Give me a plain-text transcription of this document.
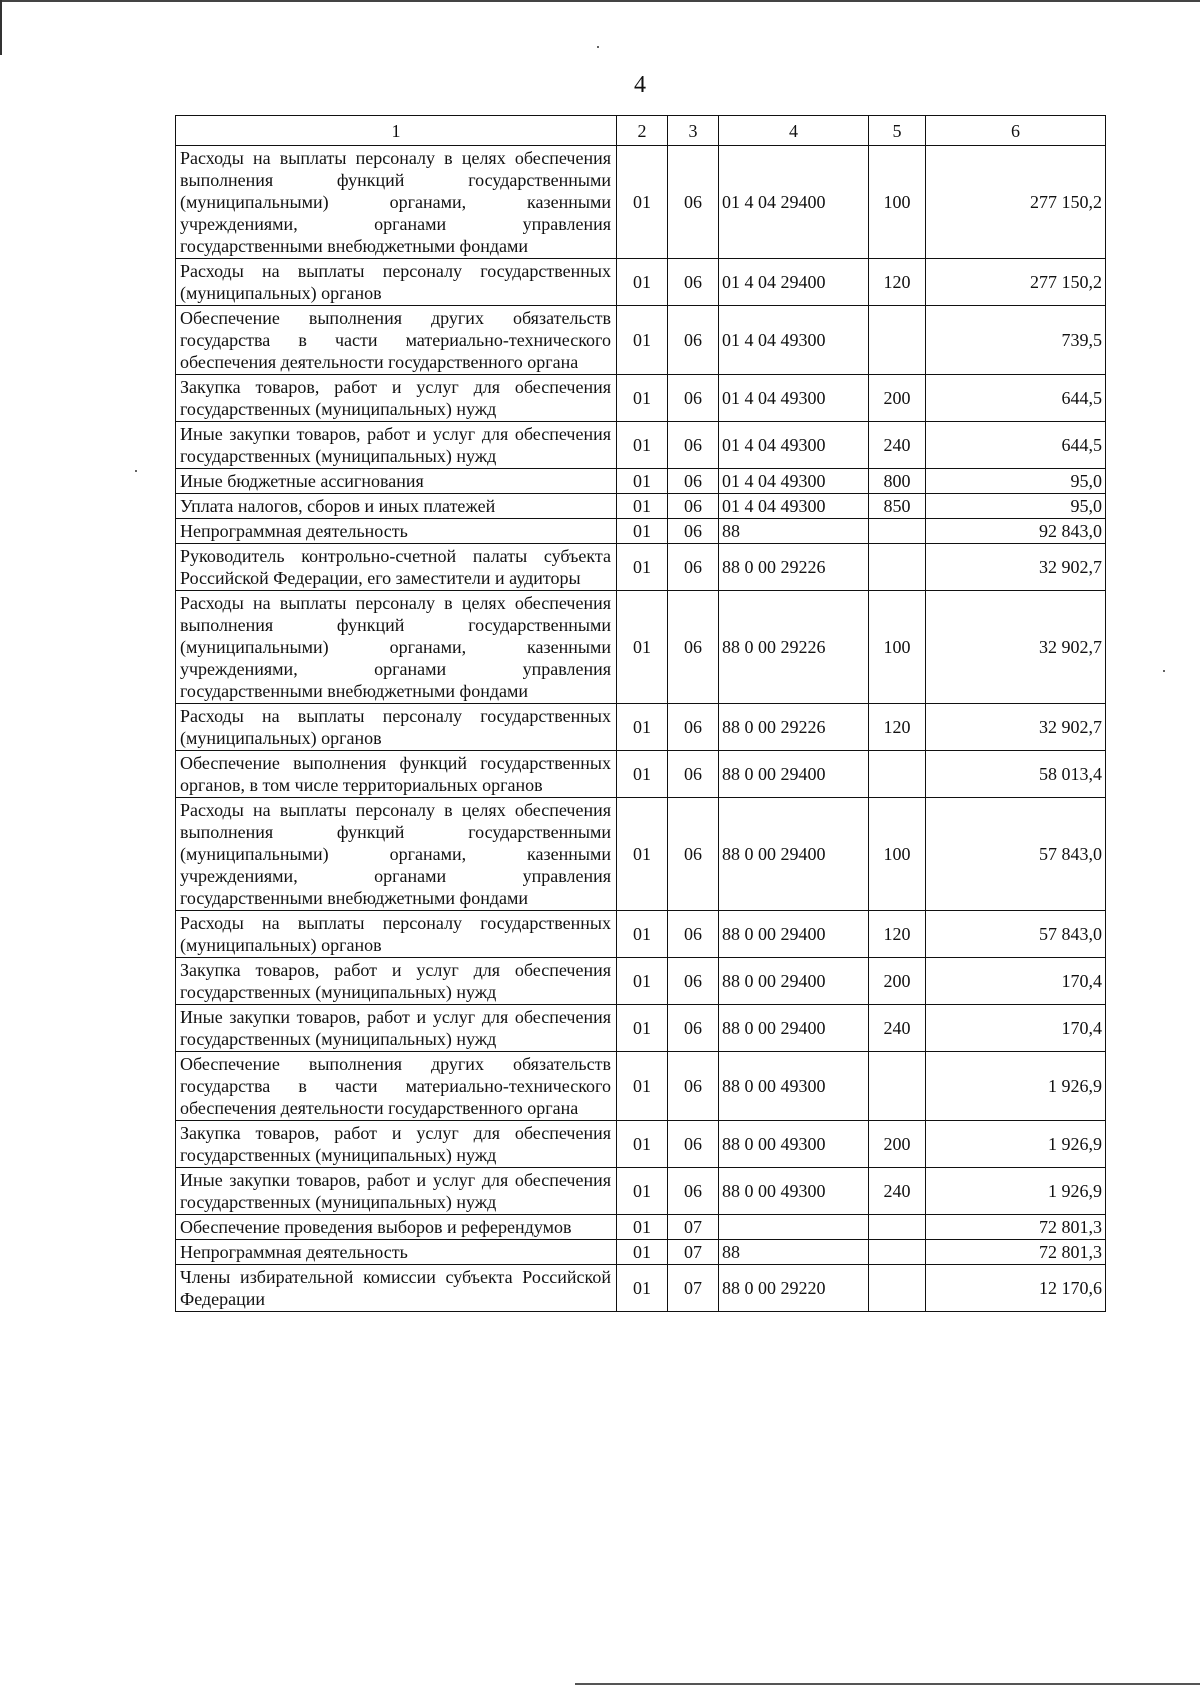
4
1	2	3	4	5	6
Расходы на выплаты персоналу в целях обеспечения выполнения функций государственными (муниципальными) органами, казенными учреждениями, органами управления государственными внебюджетными фондами	01	06	01 4 04 29400	100	277 150,2
Расходы на выплаты персоналу государственных (муниципальных) органов	01	06	01 4 04 29400	120	277 150,2
Обеспечение выполнения других обязательств государства в части материально-технического обеспечения деятельности государственного органа	01	06	01 4 04 49300		739,5
Закупка товаров, работ и услуг для обеспечения государственных (муниципальных) нужд	01	06	01 4 04 49300	200	644,5
Иные закупки товаров, работ и услуг для обеспечения государственных (муниципальных) нужд	01	06	01 4 04 49300	240	644,5
Иные бюджетные ассигнования	01	06	01 4 04 49300	800	95,0
Уплата налогов, сборов и иных платежей	01	06	01 4 04 49300	850	95,0
Непрограммная деятельность	01	06	88		92 843,0
Руководитель контрольно-счетной палаты субъекта Российской Федерации, его заместители и аудиторы	01	06	88 0 00 29226		32 902,7
Расходы на выплаты персоналу в целях обеспечения выполнения функций государственными (муниципальными) органами, казенными учреждениями, органами управления государственными внебюджетными фондами	01	06	88 0 00 29226	100	32 902,7
Расходы на выплаты персоналу государственных (муниципальных) органов	01	06	88 0 00 29226	120	32 902,7
Обеспечение выполнения функций государственных органов, в том числе территориальных органов	01	06	88 0 00 29400		58 013,4
Расходы на выплаты персоналу в целях обеспечения выполнения функций государственными (муниципальными) органами, казенными учреждениями, органами управления государственными внебюджетными фондами	01	06	88 0 00 29400	100	57 843,0
Расходы на выплаты персоналу государственных (муниципальных) органов	01	06	88 0 00 29400	120	57 843,0
Закупка товаров, работ и услуг для обеспечения государственных (муниципальных) нужд	01	06	88 0 00 29400	200	170,4
Иные закупки товаров, работ и услуг для обеспечения государственных (муниципальных) нужд	01	06	88 0 00 29400	240	170,4
Обеспечение выполнения других обязательств государства в части материально-технического обеспечения деятельности государственного органа	01	06	88 0 00 49300		1 926,9
Закупка товаров, работ и услуг для обеспечения государственных (муниципальных) нужд	01	06	88 0 00 49300	200	1 926,9
Иные закупки товаров, работ и услуг для обеспечения государственных (муниципальных) нужд	01	06	88 0 00 49300	240	1 926,9
Обеспечение проведения выборов и референдумов	01	07			72 801,3
Непрограммная деятельность	01	07	88		72 801,3
Члены избирательной комиссии субъекта Российской Федерации	01	07	88 0 00 29220		12 170,6
